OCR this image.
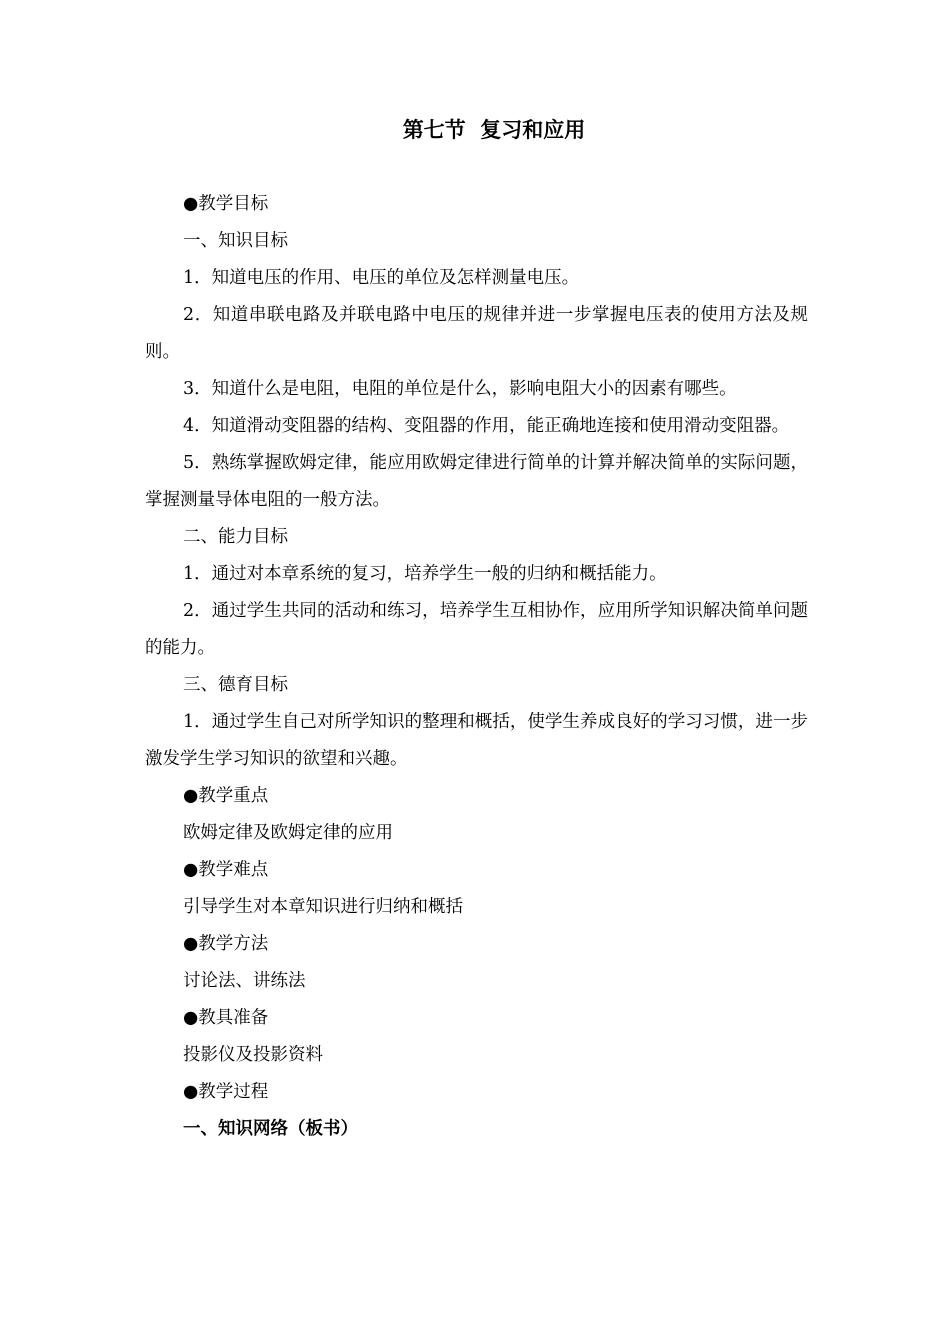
第七节  复习和应用

●教学目标

一、知识目标

1．知道电压的作用、电压的单位及怎样测量电压。

2．知道串联电路及并联电路中电压的规律并进一步掌握电压表的使用方法及规则。

3．知道什么是电阻，电阻的单位是什么，影响电阻大小的因素有哪些。

4．知道滑动变阻器的结构、变阻器的作用，能正确地连接和使用滑动变阻器。

5．熟练掌握欧姆定律，能应用欧姆定律进行简单的计算并解决简单的实际问题，掌握测量导体电阻的一般方法。

二、能力目标

1．通过对本章系统的复习，培养学生一般的归纳和概括能力。

2．通过学生共同的活动和练习，培养学生互相协作，应用所学知识解决简单问题的能力。

三、德育目标

1．通过学生自己对所学知识的整理和概括，使学生养成良好的学习习惯，进一步激发学生学习知识的欲望和兴趣。

●教学重点

欧姆定律及欧姆定律的应用

●教学难点

引导学生对本章知识进行归纳和概括

●教学方法

讨论法、讲练法

●教具准备

投影仪及投影资料

●教学过程

一、知识网络（板书）
